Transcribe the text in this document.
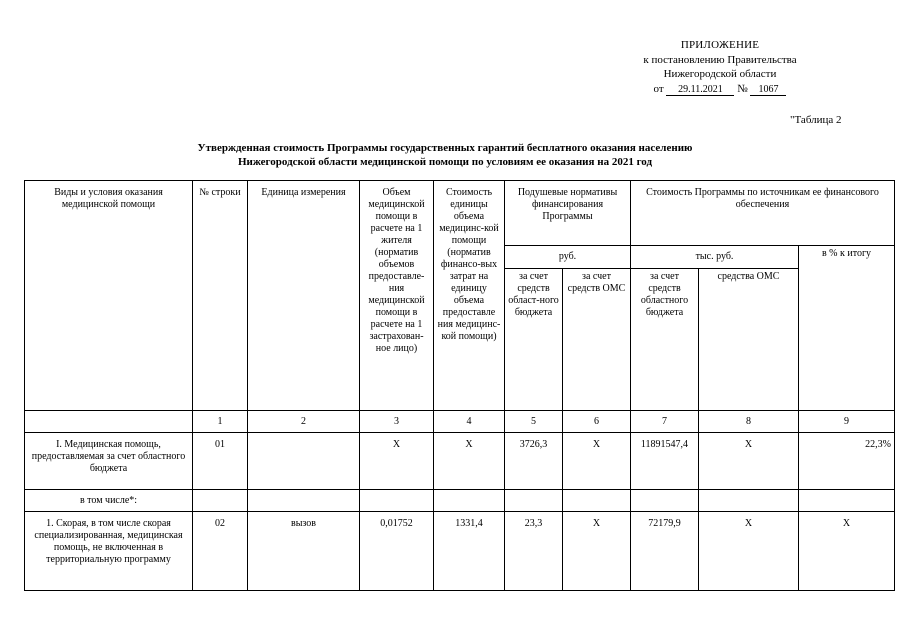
ПРИЛОЖЕНИЕ
к постановлению Правительства
Нижегородской области
от 29.11.2021 № 1067
"Таблица 2
Утвержденная стоимость Программы государственных гарантий бесплатного оказания населению
Нижегородской области медицинской помощи по условиям ее оказания на 2021 год
Виды и условия оказания медицинской помощи	№ строки	Единица измерения	Объем медицинской помощи в расчете на 1 жителя (норматив объемов предоставле-ния медицинской помощи в расчете на 1 застрахован-ное лицо)	Стоимость единицы объема медицинс-кой помощи (норматив финансо-вых затрат на единицу объема предоставле ния медицинс-кой помощи)	Подушевые нормативы финансирования Программы		Стоимость Программы по источникам ее финансового обеспечения		
					руб.		тыс. руб.		в % к итогу
					за счет средств област-ного бюджета	за счет средств ОМС	за счет средств областного бюджета	средства ОМС	
	1	2	3	4	5	6	7	8	9
I. Медицинская помощь, предоставляемая за счет областного бюджета	01		Х	Х	3726,3	Х	11891547,4	Х	22,3%
в том числе*:									
1. Скорая, в том числе скорая специализированная, медицинская помощь, не включенная в территориальную программу	02	вызов	0,01752	1331,4	23,3	Х	72179,9	Х	Х
